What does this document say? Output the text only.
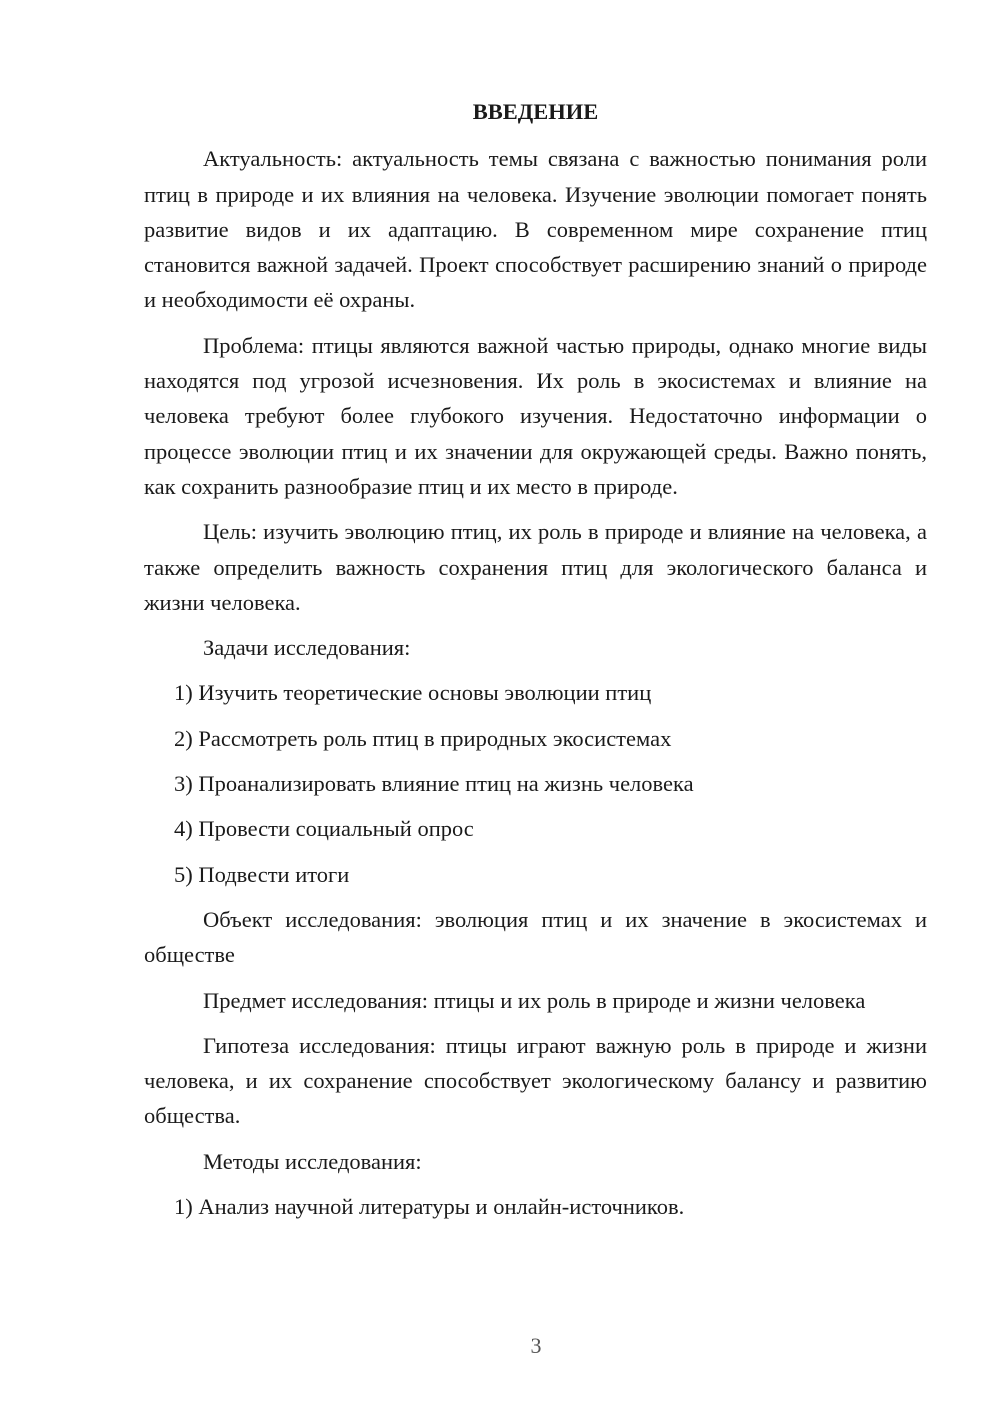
ВВЕДЕНИЕ

Актуальность: актуальность темы связана с важностью понимания роли птиц в природе и их влияния на человека. Изучение эволюции помогает понять развитие видов и их адаптацию. В современном мире сохранение птиц становится важной задачей. Проект способствует расширению знаний о природе и необходимости её охраны.

Проблема: птицы являются важной частью природы, однако многие виды находятся под угрозой исчезновения. Их роль в экосистемах и влияние на человека требуют более глубокого изучения. Недостаточно информации о процессе эволюции птиц и их значении для окружающей среды. Важно понять, как сохранить разнообразие птиц и их место в природе.

Цель: изучить эволюцию птиц, их роль в природе и влияние на человека, а также определить важность сохранения птиц для экологического баланса и жизни человека.

Задачи исследования:

1) Изучить теоретические основы эволюции птиц

2) Рассмотреть роль птиц в природных экосистемах

3) Проанализировать влияние птиц на жизнь человека

4) Провести социальный опрос

5) Подвести итоги

Объект исследования: эволюция птиц и их значение в экосистемах и обществе

Предмет исследования: птицы и их роль в природе и жизни человека

Гипотеза исследования: птицы играют важную роль в природе и жизни человека, и их сохранение способствует экологическому балансу и развитию общества.

Методы исследования:

1) Анализ научной литературы и онлайн-источников.

3
